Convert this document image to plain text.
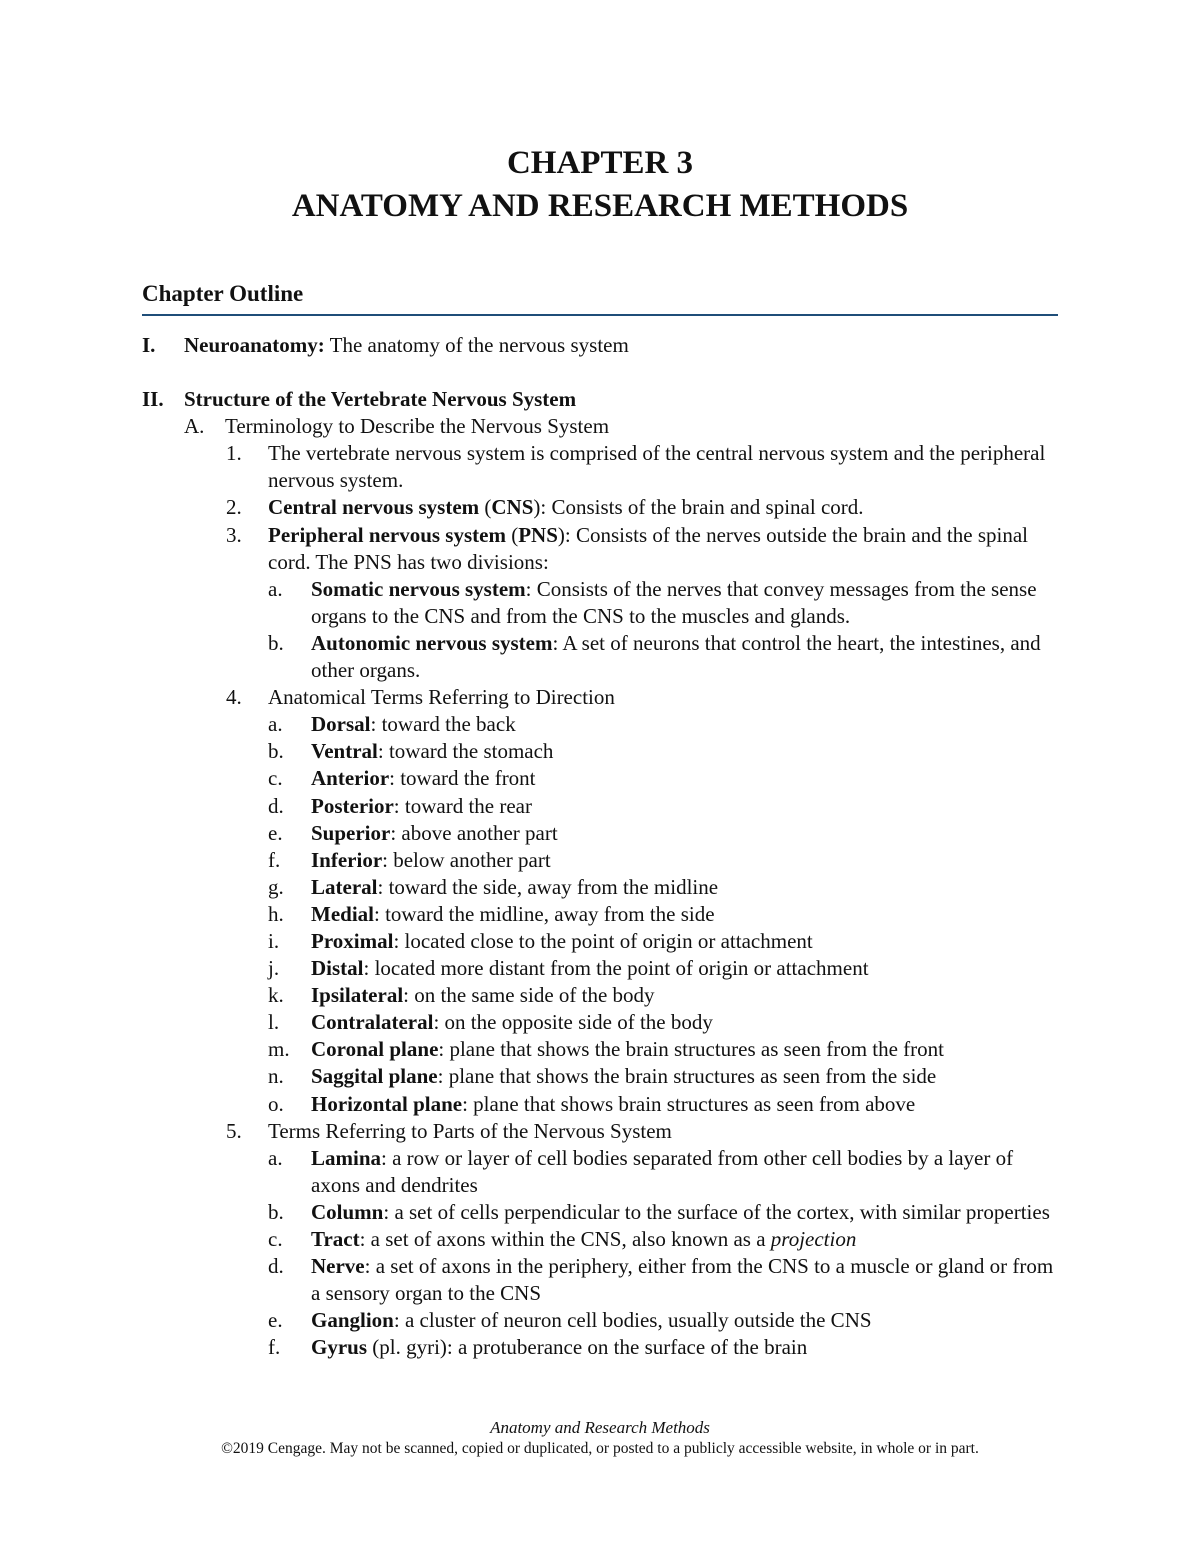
CHAPTER 3
ANATOMY AND RESEARCH METHODS
Chapter Outline
I. Neuroanatomy: The anatomy of the nervous system
II. Structure of the Vertebrate Nervous System
A. Terminology to Describe the Nervous System
1. The vertebrate nervous system is comprised of the central nervous system and the peripheral nervous system.
2. Central nervous system (CNS): Consists of the brain and spinal cord.
3. Peripheral nervous system (PNS): Consists of the nerves outside the brain and the spinal cord. The PNS has two divisions:
a. Somatic nervous system: Consists of the nerves that convey messages from the sense organs to the CNS and from the CNS to the muscles and glands.
b. Autonomic nervous system: A set of neurons that control the heart, the intestines, and other organs.
4. Anatomical Terms Referring to Direction
a. Dorsal: toward the back
b. Ventral: toward the stomach
c. Anterior: toward the front
d. Posterior: toward the rear
e. Superior: above another part
f. Inferior: below another part
g. Lateral: toward the side, away from the midline
h. Medial: toward the midline, away from the side
i. Proximal: located close to the point of origin or attachment
j. Distal: located more distant from the point of origin or attachment
k. Ipsilateral: on the same side of the body
l. Contralateral: on the opposite side of the body
m. Coronal plane: plane that shows the brain structures as seen from the front
n. Saggital plane: plane that shows the brain structures as seen from the side
o. Horizontal plane: plane that shows brain structures as seen from above
5. Terms Referring to Parts of the Nervous System
a. Lamina: a row or layer of cell bodies separated from other cell bodies by a layer of axons and dendrites
b. Column: a set of cells perpendicular to the surface of the cortex, with similar properties
c. Tract: a set of axons within the CNS, also known as a projection
d. Nerve: a set of axons in the periphery, either from the CNS to a muscle or gland or from a sensory organ to the CNS
e. Ganglion: a cluster of neuron cell bodies, usually outside the CNS
f. Gyrus (pl. gyri): a protuberance on the surface of the brain
Anatomy and Research Methods
©2019 Cengage. May not be scanned, copied or duplicated, or posted to a publicly accessible website, in whole or in part.
